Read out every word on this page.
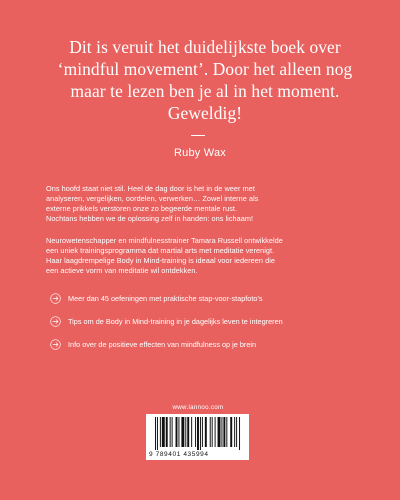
Dit is veruit het duidelijkste boek over
‘mindful movement’. Door het alleen nog
maar te lezen ben je al in het moment.
Geweldig!

Ruby Wax

Ons hoofd staat niet stil. Heel de dag door is het in de weer met
analyseren, vergelijken, oordelen, verwerken… Zowel interne als
externe prikkels verstoren onze zo begeerde mentale rust.
Nochtans hebben we de oplossing zelf in handen: ons lichaam!

Neurowetenschapper en mindfulnesstrainer Tamara Russell ontwikkelde
een uniek trainingsprogramma dat martial arts met meditatie verenigt.
Haar laagdrempelige Body in Mind-training is ideaal voor iedereen die
een actieve vorm van meditatie wil ontdekken.

Meer dan 45 oefeningen met praktische stap-voor-stapfoto’s
Tips om de Body in Mind-training in je dagelijks leven te integreren
Info over de positieve effecten van mindfulness op je brein
www.lannoo.com
9 789401 435994
